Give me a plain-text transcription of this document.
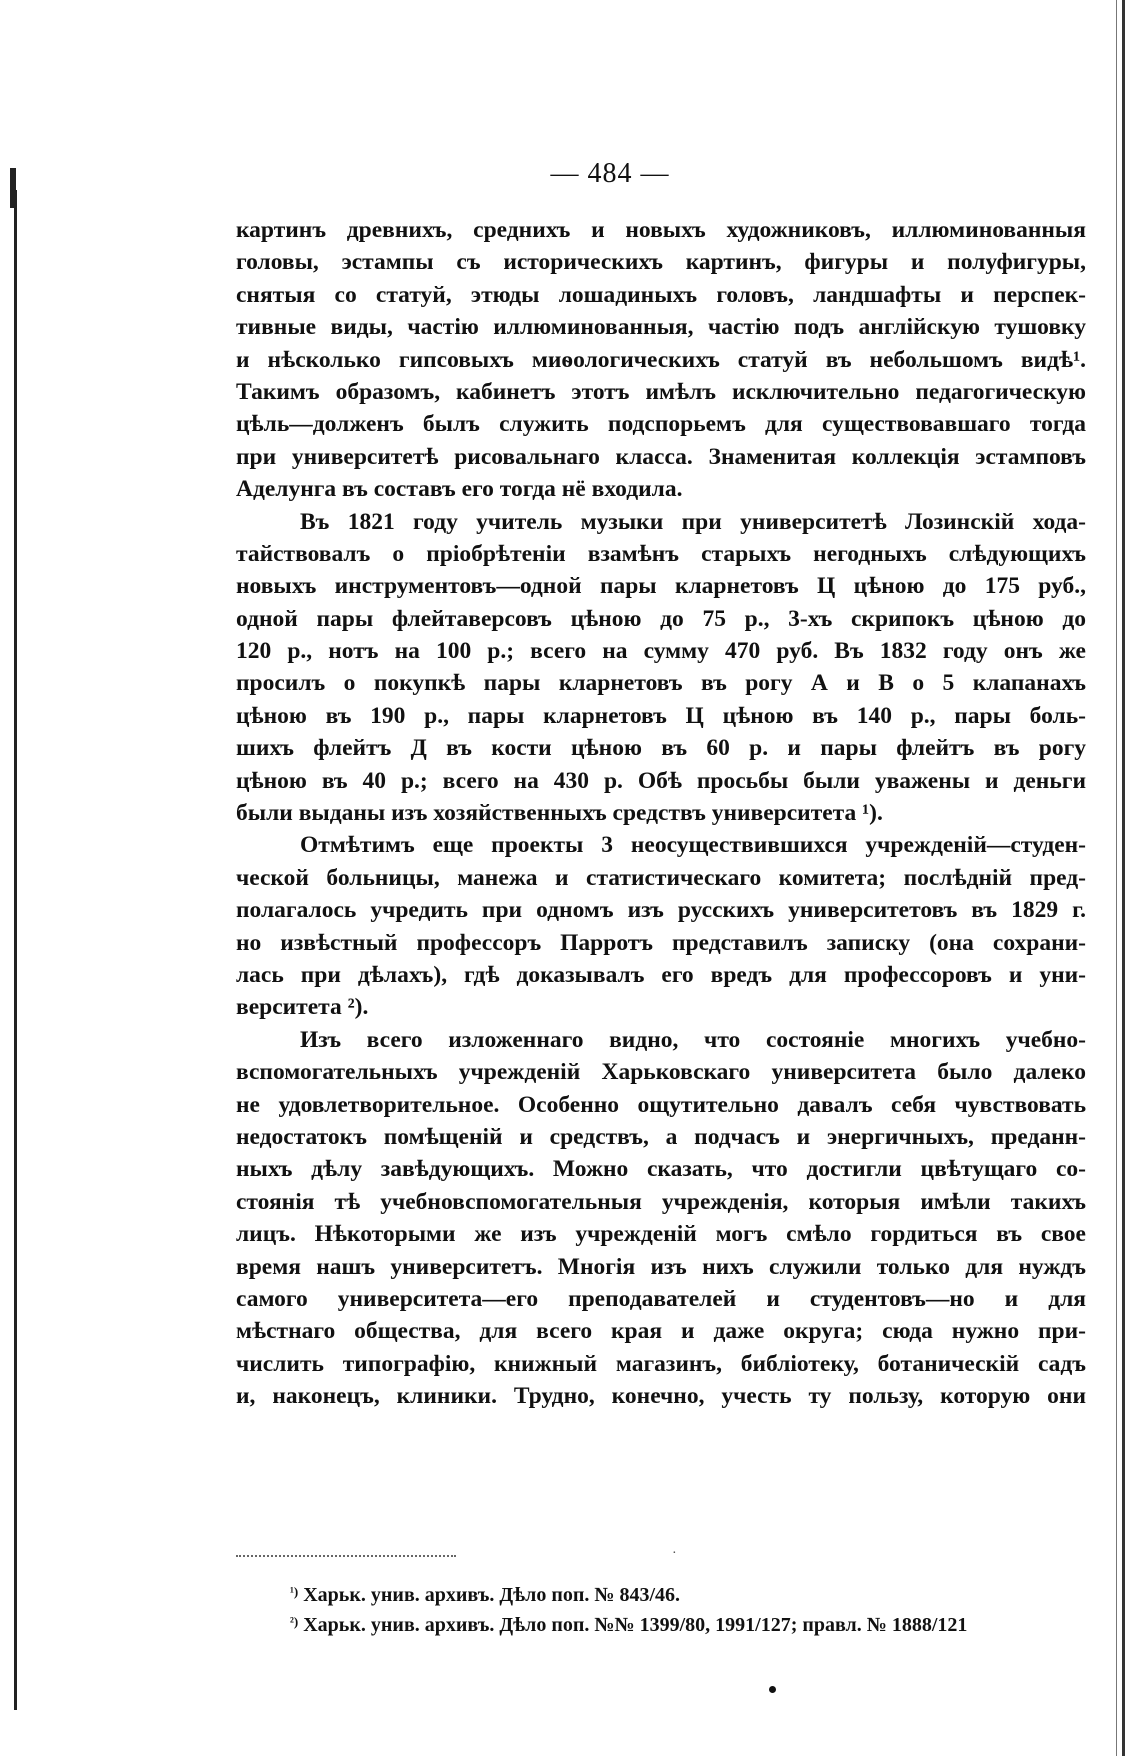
— 484 —
картинъ древнихъ, среднихъ и новыхъ художниковъ, иллюминованныя
головы, эстампы съ историческихъ картинъ, фигуры и полуфигуры,
снятыя со статуй, этюды лошадиныхъ головъ, ландшафты и перспек-
тивные виды, частію иллюминованныя, частію подъ англійскую тушовку
и нѣсколько гипсовыхъ миѳологическихъ статуй въ небольшомъ видѣ¹.
Такимъ образомъ, кабинетъ этотъ имѣлъ исключительно педагогическую
цѣль—долженъ былъ служить подспорьемъ для существовавшаго тогда
при университетѣ рисовальнаго класса. Знаменитая коллекція эстамповъ
Аделунга въ составъ его тогда нё входила.
Въ 1821 году учитель музыки при университетѣ Лозинскій хода-
тайствовалъ о пріобрѣтеніи взамѣнъ старыхъ негодныхъ слѣдующихъ
новыхъ инструментовъ—одной пары кларнетовъ Ц цѣною до 175 руб.,
одной пары флейтаверсовъ цѣною до 75 р., 3-хъ скрипокъ цѣною до
120 р., нотъ на 100 р.; всего на сумму 470 руб. Въ 1832 году онъ же
просилъ о покупкѣ пары кларнетовъ въ рогу А и В о 5 клапанахъ
цѣною въ 190 р., пары кларнетовъ Ц цѣною въ 140 р., пары боль-
шихъ флейтъ Д въ кости цѣною въ 60 р. и пары флейтъ въ рогу
цѣною въ 40 р.; всего на 430 р. Обѣ просьбы были уважены и деньги
были выданы изъ хозяйственныхъ средствъ университета ¹).
Отмѣтимъ еще проекты 3 неосуществившихся учрежденій—студен-
ческой больницы, манежа и статистическаго комитета; послѣдній пред-
полагалось учредить при одномъ изъ русскихъ университетовъ въ 1829 г.
но извѣстный профессоръ Парротъ представилъ записку (она сохрани-
лась при дѣлахъ), гдѣ доказывалъ его вредъ для профессоровъ и уни-
верситета ²).
Изъ всего изложеннаго видно, что состояніе многихъ учебно-
вспомогательныхъ учрежденій Харьковскаго университета было далеко
не удовлетворительное. Особенно ощутительно давалъ себя чувствовать
недостатокъ помѣщеній и средствъ, а подчасъ и энергичныхъ, преданн-
ныхъ дѣлу завѣдующихъ. Можно сказать, что достигли цвѣтущаго со-
стоянія тѣ учебновспомогательныя учрежденія, которыя имѣли такихъ
лицъ. Нѣкоторыми же изъ учрежденій могъ смѣло гордиться въ свое
время нашъ университетъ. Многія изъ нихъ служили только для нуждъ
самого университета—его преподавателей и студентовъ—но и для
мѣстнаго общества, для всего края и даже округа; сюда нужно при-
числить типографію, книжный магазинъ, библіотеку, ботаническій садъ
и, наконецъ, клиники. Трудно, конечно, учесть ту пользу, которую они
·
$^{^1)}$ Харьк. унив. архивъ. Дѣло поп. № 843/46.
$^{^2)}$ Харьк. унив. архивъ. Дѣло поп. №№ 1399/80, 1991/127; правл. № 1888/121
